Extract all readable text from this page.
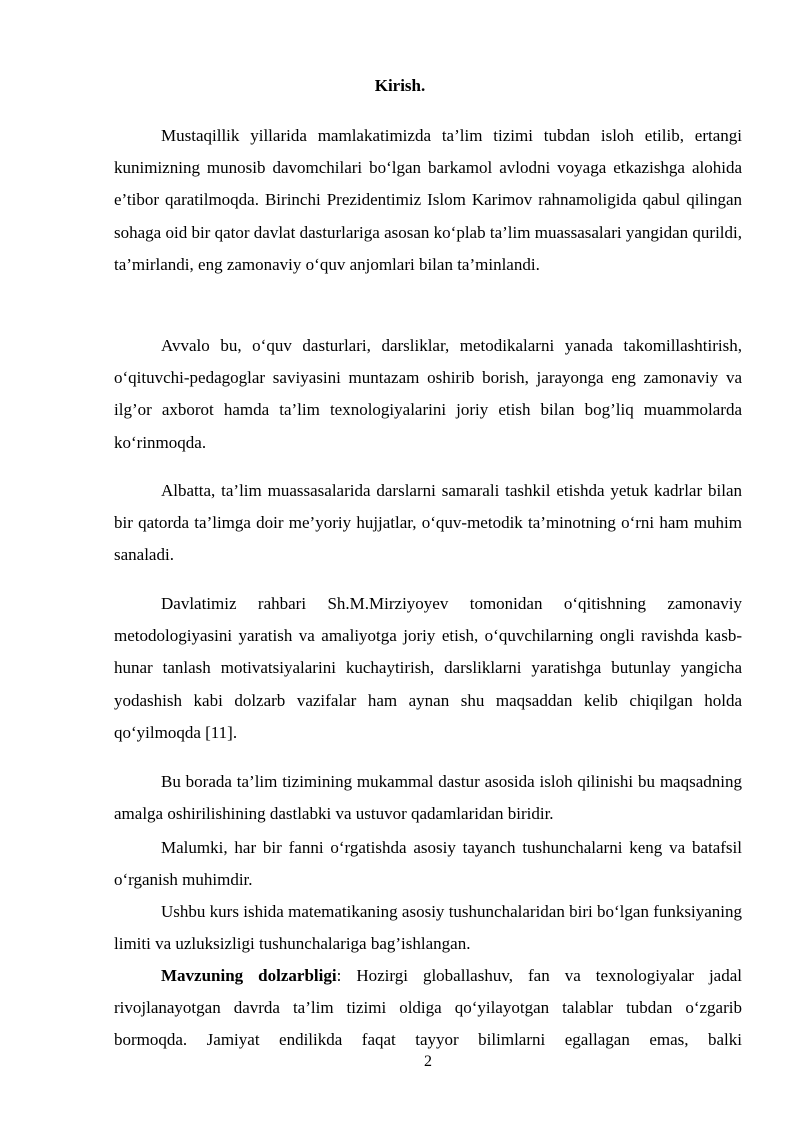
Kirish.

Mustaqillik yillarida mamlakatimizda ta’lim tizimi tubdan isloh etilib, ertangi kunimizning munosib davomchilari bo‘lgan barkamol avlodni voyaga etkazishga alohida e’tibor qaratilmoqda. Birinchi Prezidentimiz Islom Karimov rahnamoligida qabul qilingan sohaga oid bir qator davlat dasturlariga asosan ko‘plab ta’lim muassasalari yangidan qurildi, ta’mirlandi, eng zamonaviy o‘quv anjomlari bilan ta’minlandi.

Avvalo bu, o‘quv dasturlari, darsliklar, metodikalarni yanada takomillashtirish, o‘qituvchi-pedagoglar saviyasini muntazam oshirib borish, jarayonga eng zamonaviy va ilg’or axborot hamda ta’lim texnologiyalarini joriy etish bilan bog’liq muammolarda ko‘rinmoqda.

Albatta, ta’lim muassasalarida darslarni samarali tashkil etishda yetuk kadrlar bilan bir qatorda ta’limga doir me’yoriy hujjatlar, o‘quv-metodik ta’minotning o‘rni ham muhim sanaladi.

Davlatimiz rahbari Sh.M.Mirziyoyev tomonidan o‘qitishning zamonaviy metodologiyasini yaratish va amaliyotga joriy etish, o‘quvchilarning ongli ravishda kasb-hunar tanlash motivatsiyalarini kuchaytirish, darsliklarni yaratishga butunlay yangicha yodashish kabi dolzarb vazifalar ham aynan shu maqsaddan kelib chiqilgan holda qo‘yilmoqda [11].

Bu borada ta’lim tizimining mukammal dastur asosida isloh qilinishi bu maqsadning amalga oshirilishining dastlabki va ustuvor qadamlaridan biridir.

Malumki, har bir fanni o‘rgatishda asosiy tayanch tushunchalarni keng va batafsil o‘rganish muhimdir.

Ushbu kurs ishida matematikaning asosiy tushunchalaridan biri bo‘lgan funksiyaning limiti va uzluksizligi tushunchalariga bag’ishlangan.

Mavzuning dolzarbligi: Hozirgi globallashuv, fan va texnologiyalar jadal rivojlanayotgan davrda ta’lim tizimi oldiga qo‘yilayotgan talablar tubdan o‘zgarib bormoqda. Jamiyat endilikda faqat tayyor bilimlarni egallagan emas, balki

2
